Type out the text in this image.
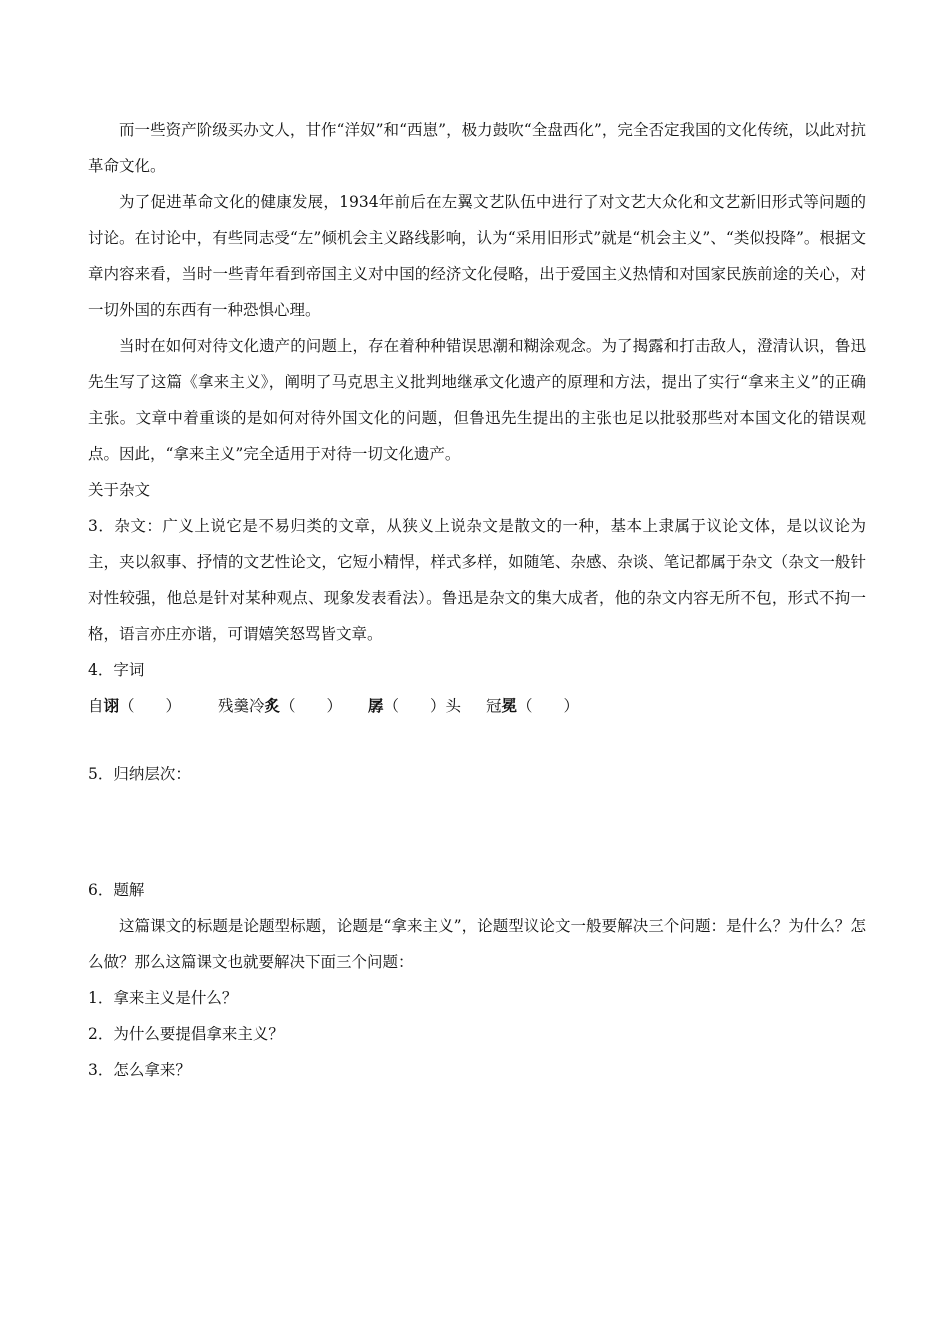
而一些资产阶级买办文人，甘作“洋奴”和“西崽”，极力鼓吹“全盘西化”，完全否定我国的文化传统，以此对抗革命文化。

为了促进革命文化的健康发展，1934年前后在左翼文艺队伍中进行了对文艺大众化和文艺新旧形式等问题的讨论。在讨论中，有些同志受“左”倾机会主义路线影响，认为“采用旧形式”就是“机会主义”、“类似投降”。根据文章内容来看，当时一些青年看到帝国主义对中国的经济文化侵略，出于爱国主义热情和对国家民族前途的关心，对一切外国的东西有一种恐惧心理。

当时在如何对待文化遗产的问题上，存在着种种错误思潮和糊涂观念。为了揭露和打击敌人，澄清认识，鲁迅先生写了这篇《拿来主义》，阐明了马克思主义批判地继承文化遗产的原理和方法，提出了实行“拿来主义”的正确主张。文章中着重谈的是如何对待外国文化的问题，但鲁迅先生提出的主张也足以批驳那些对本国文化的错误观点。因此，“拿来主义”完全适用于对待一切文化遗产。

关于杂文

3．杂文：广义上说它是不易归类的文章，从狭义上说杂文是散文的一种，基本上隶属于议论文体，是以议论为主，夹以叙事、抒情的文艺性论文，它短小精悍，样式多样，如随笔、杂感、杂谈、笔记都属于杂文（杂文一般针对性较强，他总是针对某种观点、现象发表看法）。鲁迅是杂文的集大成者，他的杂文内容无所不包，形式不拘一格，语言亦庄亦谐，可谓嬉笑怒骂皆文章。

4．字词

自诩（　　） 残羹冷炙（　　） 孱（　　）头 冠冕（　　）

5．归纳层次：

6．题解

这篇课文的标题是论题型标题，论题是“拿来主义”，论题型议论文一般要解决三个问题：是什么？为什么？怎么做？那么这篇课文也就要解决下面三个问题：

1．拿来主义是什么？

2．为什么要提倡拿来主义？

3．怎么拿来？
